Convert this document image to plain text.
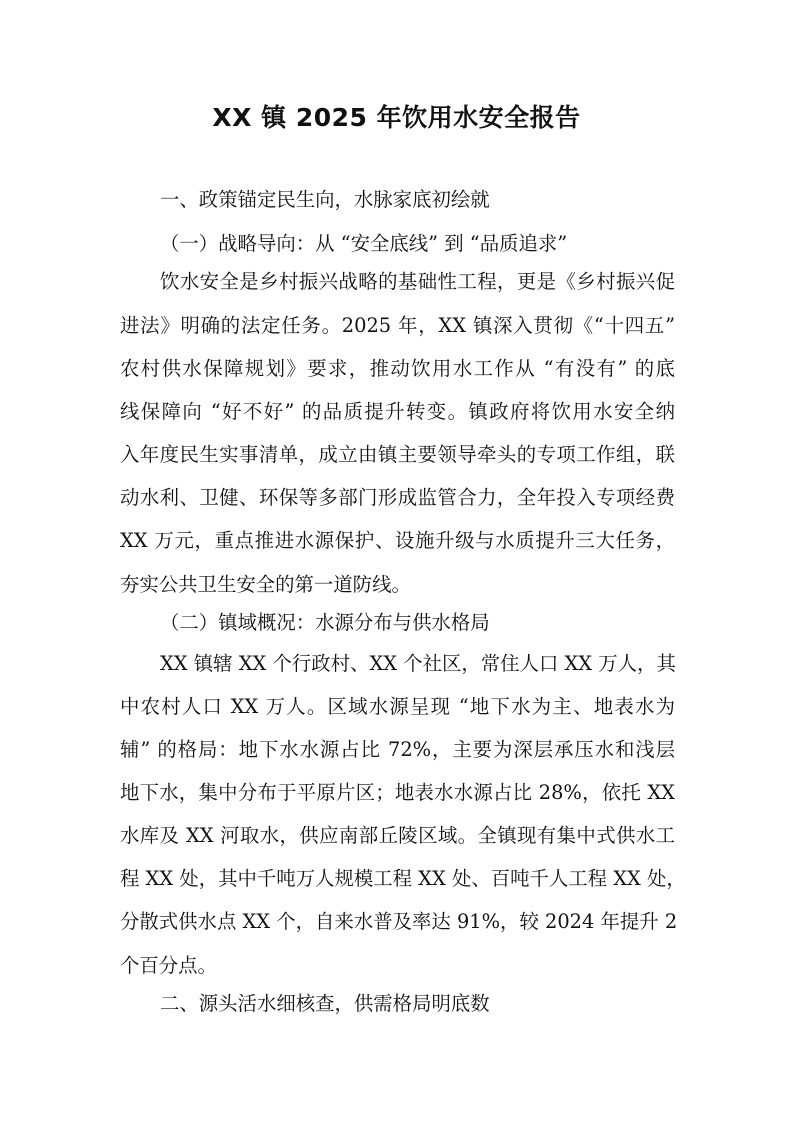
XX 镇 2025 年饮用水安全报告
一、政策锚定民生向，水脉家底初绘就
（一）战略导向：从 “安全底线” 到 “品质追求”
饮水安全是乡村振兴战略的基础性工程，更是《乡村振兴促
进法》明确的法定任务。2025 年，XX 镇深入贯彻《“十四五”
农村供水保障规划》要求，推动饮用水工作从 “有没有” 的底
线保障向 “好不好” 的品质提升转变。镇政府将饮用水安全纳
入年度民生实事清单，成立由镇主要领导牵头的专项工作组，联
动水利、卫健、环保等多部门形成监管合力，全年投入专项经费
XX 万元，重点推进水源保护、设施升级与水质提升三大任务，
夯实公共卫生安全的第一道防线。
（二）镇域概况：水源分布与供水格局
XX 镇辖 XX 个行政村、XX 个社区，常住人口 XX 万人，其
中农村人口 XX 万人。区域水源呈现 “地下水为主、地表水为
辅” 的格局：地下水水源占比 72%，主要为深层承压水和浅层
地下水，集中分布于平原片区；地表水水源占比 28%，依托 XX
水库及 XX 河取水，供应南部丘陵区域。全镇现有集中式供水工
程 XX 处，其中千吨万人规模工程 XX 处、百吨千人工程 XX 处，
分散式供水点 XX 个，自来水普及率达 91%，较 2024 年提升 2
个百分点。
二、源头活水细核查，供需格局明底数
